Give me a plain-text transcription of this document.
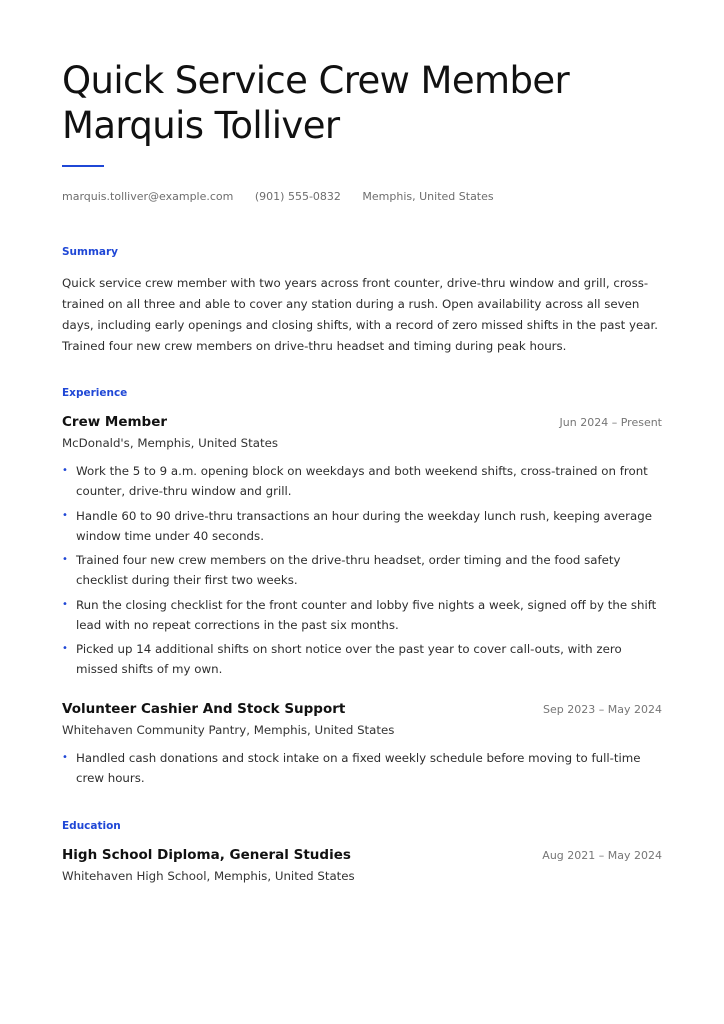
Quick Service Crew Member
Marquis Tolliver
marquis.tolliver@example.com (901) 555-0832 Memphis, United States
Summary

Quick service crew member with two years across front counter, drive-thru window and grill, cross-trained on all three and able to cover any station during a rush. Open availability across all seven days, including early openings and closing shifts, with a record of zero missed shifts in the past year. Trained four new crew members on drive-thru headset and timing during peak hours.

Experience
Crew Member	Jun 2024 – Present
McDonald's, Memphis, United States
• Work the 5 to 9 a.m. opening block on weekdays and both weekend shifts, cross-trained on front counter, drive-thru window and grill.
• Handle 60 to 90 drive-thru transactions an hour during the weekday lunch rush, keeping average window time under 40 seconds.
• Trained four new crew members on the drive-thru headset, order timing and the food safety checklist during their first two weeks.
• Run the closing checklist for the front counter and lobby five nights a week, signed off by the shift lead with no repeat corrections in the past six months.
• Picked up 14 additional shifts on short notice over the past year to cover call-outs, with zero missed shifts of my own.
Volunteer Cashier And Stock Support	Sep 2023 – May 2024
Whitehaven Community Pantry, Memphis, United States
• Handled cash donations and stock intake on a fixed weekly schedule before moving to full-time crew hours.
Education
High School Diploma, General Studies	Aug 2021 – May 2024
Whitehaven High School, Memphis, United States
